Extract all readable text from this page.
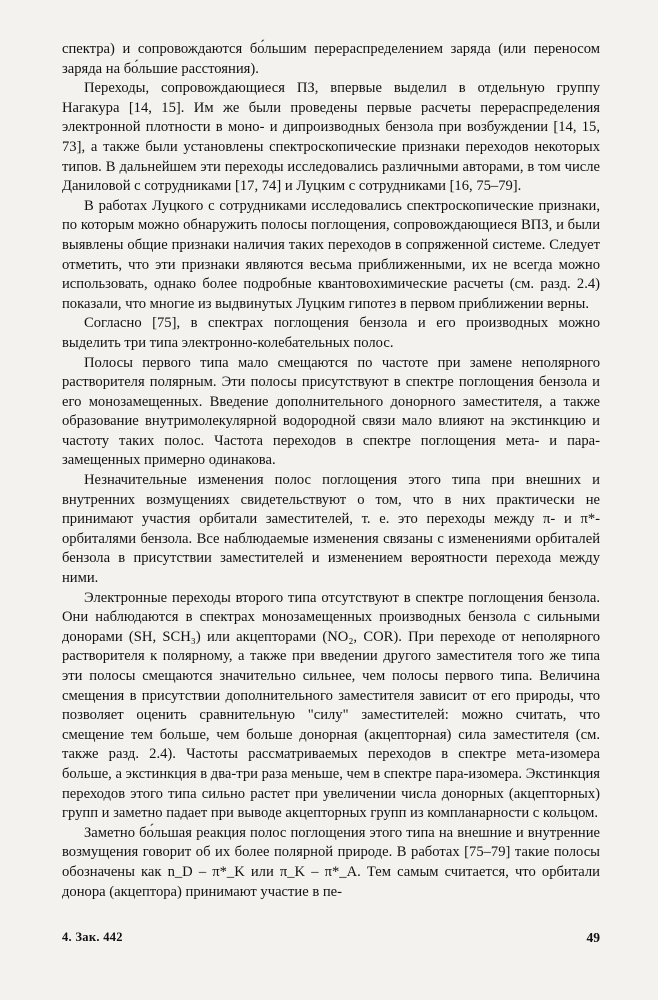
спектра) и сопровождаются бо́льшим перераспределением заряда (или переносом заряда на бо́льшие расстояния).

Переходы, сопровождающиеся ПЗ, впервые выделил в отдельную группу Нагакура [14, 15]. Им же были проведены первые расчеты перераспределения электронной плотности в моно- и дипроизводных бензола при возбуждении [14, 15, 73], а также были установлены спектроскопические признаки переходов некоторых типов. В дальнейшем эти переходы исследовались различными авторами, в том числе Даниловой с сотрудниками [17, 74] и Луцким с сотрудниками [16, 75–79].

В работах Луцкого с сотрудниками исследовались спектроскопические признаки, по которым можно обнаружить полосы поглощения, сопровождающиеся ВПЗ, и были выявлены общие признаки наличия таких переходов в сопряженной системе. Следует отметить, что эти признаки являются весьма приближенными, их не всегда можно использовать, однако более подробные квантовохимические расчеты (см. разд. 2.4) показали, что многие из выдвинутых Луцким гипотез в первом приближении верны.

Согласно [75], в спектрах поглощения бензола и его производных можно выделить три типа электронно-колебательных полос.

Полосы первого типа мало смещаются по частоте при замене неполярного растворителя полярным. Эти полосы присутствуют в спектре поглощения бензола и его монозамещенных. Введение дополнительного донорного заместителя, а также образование внутримолекулярной водородной связи мало влияют на экстинкцию и частоту таких полос. Частота переходов в спектре поглощения мета- и пара-замещенных примерно одинакова.

Незначительные изменения полос поглощения этого типа при внешних и внутренних возмущениях свидетельствуют о том, что в них практически не принимают участия орбитали заместителей, т. е. это переходы между π- и π*-орбиталями бензола. Все наблюдаемые изменения связаны с изменениями орбиталей бензола в присутствии заместителей и изменением вероятности перехода между ними.

Электронные переходы второго типа отсутствуют в спектре поглощения бензола. Они наблюдаются в спектрах монозамещенных производных бензола с сильными донорами (SH, SCH₃) или акцепторами (NO₂, COR). При переходе от неполярного растворителя к полярному, а также при введении другого заместителя того же типа эти полосы смещаются значительно сильнее, чем полосы первого типа. Величина смещения в присутствии дополнительного заместителя зависит от его природы, что позволяет оценить сравнительную "силу" заместителей: можно считать, что смещение тем больше, чем больше донорная (акцепторная) сила заместителя (см. также разд. 2.4). Частоты рассматриваемых переходов в спектре мета-изомера больше, а экстинкция в два-три раза меньше, чем в спектре пара-изомера. Экстинкция переходов этого типа сильно растет при увеличении числа донорных (акцепторных) групп и заметно падает при выводе акцепторных групп из компланарности с кольцом.

Заметно бо́льшая реакция полос поглощения этого типа на внешние и внутренние возмущения говорит об их более полярной природе. В работах [75–79] такие полосы обозначены как n_D – π*_K или π_K – π*_A. Тем самым считается, что орбитали донора (акцептора) принимают участие в пе-

4. Зак. 442	49
